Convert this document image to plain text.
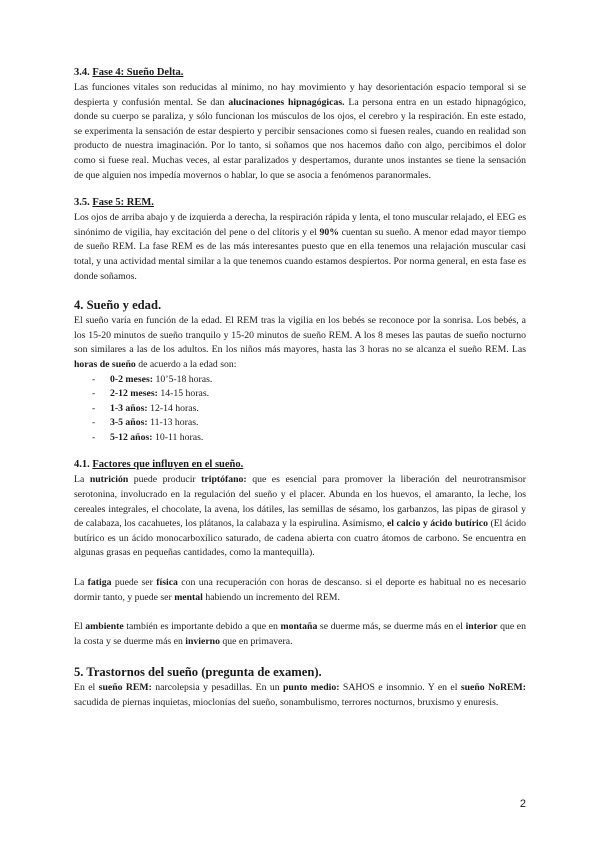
3.4. Fase 4: Sueño Delta.

Las funciones vitales son reducidas al mínimo, no hay movimiento y hay desorientación espacio temporal si se despierta y confusión mental. Se dan alucinaciones hipnagógicas. La persona entra en un estado hipnagógico, donde su cuerpo se paraliza, y sólo funcionan los músculos de los ojos, el cerebro y la respiración. En este estado, se experimenta la sensación de estar despierto y percibir sensaciones como si fuesen reales, cuando en realidad son producto de nuestra imaginación. Por lo tanto, si soñamos que nos hacemos daño con algo, percibimos el dolor como si fuese real. Muchas veces, al estar paralizados y despertamos, durante unos instantes se tiene la sensación de que alguien nos impedía movernos o hablar, lo que se asocia a fenómenos paranormales.

3.5. Fase 5: REM.

Los ojos de arriba abajo y de izquierda a derecha, la respiración rápida y lenta, el tono muscular relajado, el EEG es sinónimo de vigilia, hay excitación del pene o del clítoris y el 90% cuentan su sueño. A menor edad mayor tiempo de sueño REM. La fase REM es de las más interesantes puesto que en ella tenemos una relajación muscular casi total, y una actividad mental similar a la que tenemos cuando estamos despiertos. Por norma general, en esta fase es donde soñamos.

4. Sueño y edad.

El sueño varía en función de la edad. El REM tras la vigilia en los bebés se reconoce por la sonrisa. Los bebés, a los 15-20 minutos de sueño tranquilo y 15-20 minutos de sueño REM. A los 8 meses las pautas de sueño nocturno son similares a las de los adultos. En los niños más mayores, hasta las 3 horas no se alcanza el sueño REM. Las horas de sueño de acuerdo a la edad son:

- 0-2 meses: 10’5-18 horas.
- 2-12 meses: 14-15 horas.
- 1-3 años: 12-14 horas.
- 3-5 años: 11-13 horas.
- 5-12 años: 10-11 horas.
4.1. Factores que influyen en el sueño.

La nutrición puede producir triptófano: que es esencial para promover la liberación del neurotransmisor serotonina, involucrado en la regulación del sueño y el placer. Abunda en los huevos, el amaranto, la leche, los cereales integrales, el chocolate, la avena, los dátiles, las semillas de sésamo, los garbanzos, las pipas de girasol y de calabaza, los cacahuetes, los plátanos, la calabaza y la espirulina. Asimismo, el calcio y ácido butírico (El ácido butírico es un ácido monocarboxílico saturado, de cadena abierta con cuatro átomos de carbono. Se encuentra en algunas grasas en pequeñas cantidades, como la mantequilla).

La fatiga puede ser física con una recuperación con horas de descanso. si el deporte es habitual no es necesario dormir tanto, y puede ser mental habiendo un incremento del REM.

El ambiente también es importante debido a que en montaña se duerme más, se duerme más en el interior que en la costa y se duerme más en invierno que en primavera.

5. Trastornos del sueño (pregunta de examen).

En el sueño REM: narcolepsia y pesadillas. En un punto medio: SAHOS e insomnio. Y en el sueño NoREM: sacudida de piernas inquietas, mioclonías del sueño, sonambulismo, terrores nocturnos, bruxismo y enuresis.

2
